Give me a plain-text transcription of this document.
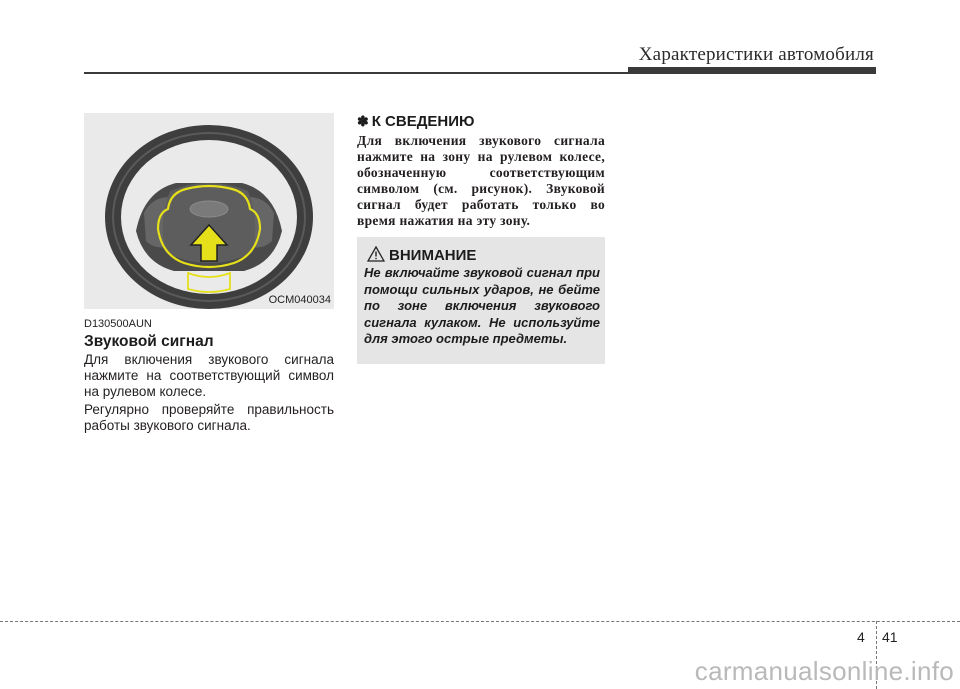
Характеристики автомобиля
OCM040034
D130500AUN
Звуковой сигнал

Для включения звукового сигнала нажмите на соответствующий символ на рулевом колесе.

Регулярно проверяйте правильность работы звукового сигнала.

✽ К СВЕДЕНИЮ

Для включения звукового сигнала нажмите на зону на рулевом колесе, обозначенную соответствующим символом (см. рисунок). Звуковой сигнал будет работать только во время нажатия на эту зону.

ВНИМАНИЕ

Не включайте звуковой сигнал при помощи сильных ударов, не бейте по зоне включения звукового сигнала кулаком. Не используйте для этого острые предметы.

4 41
carmanualsonline.info
